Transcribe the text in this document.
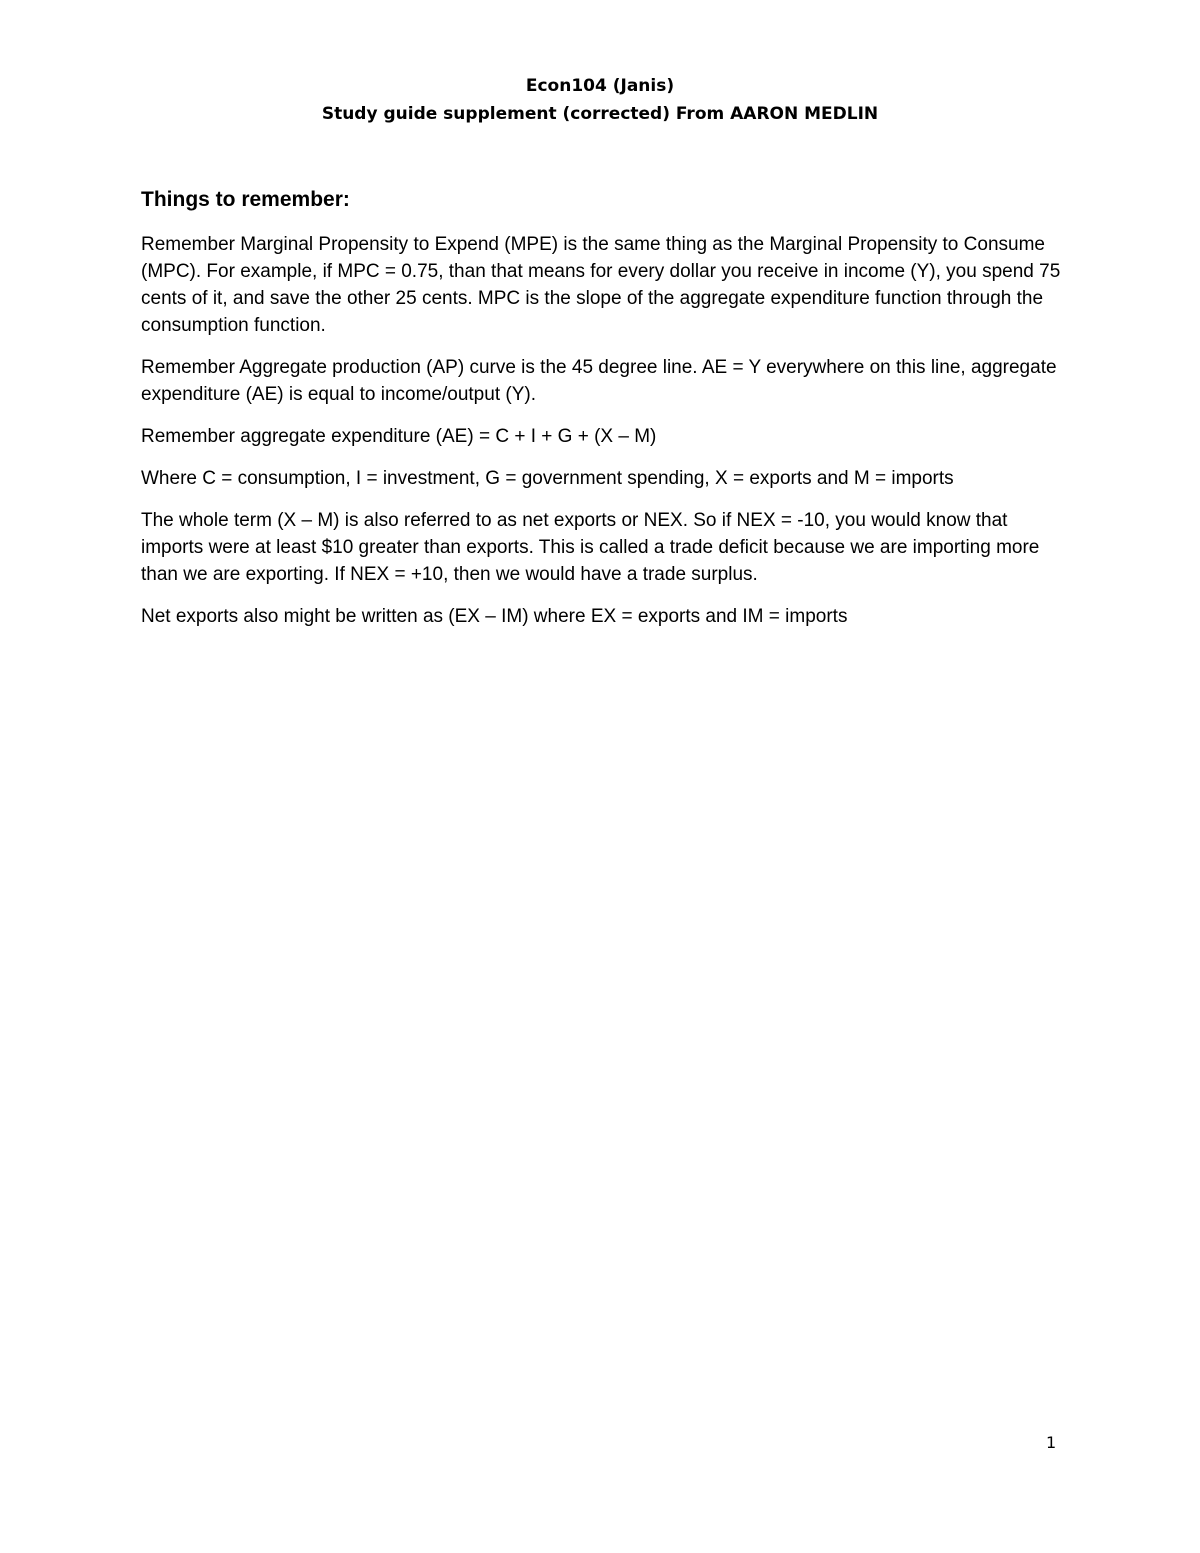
Econ104 (Janis)
Study guide supplement (corrected) From AARON MEDLIN
Things to remember:

Remember Marginal Propensity to Expend (MPE) is the same thing as the Marginal Propensity to Consume (MPC). For example, if MPC = 0.75, than that means for every dollar you receive in income (Y), you spend 75 cents of it, and save the other 25 cents. MPC is the slope of the aggregate expenditure function through the consumption function.

Remember Aggregate production (AP) curve is the 45 degree line. AE = Y everywhere on this line, aggregate expenditure (AE) is equal to income/output (Y).

Remember aggregate expenditure (AE) = C + I + G + (X – M)

Where C = consumption, I = investment, G = government spending, X = exports and M = imports

The whole term (X – M) is also referred to as net exports or NEX. So if NEX = -10, you would know that imports were at least $10 greater than exports. This is called a trade deficit because we are importing more than we are exporting. If NEX = +10, then we would have a trade surplus.

Net exports also might be written as (EX – IM) where EX = exports and IM = imports

1
